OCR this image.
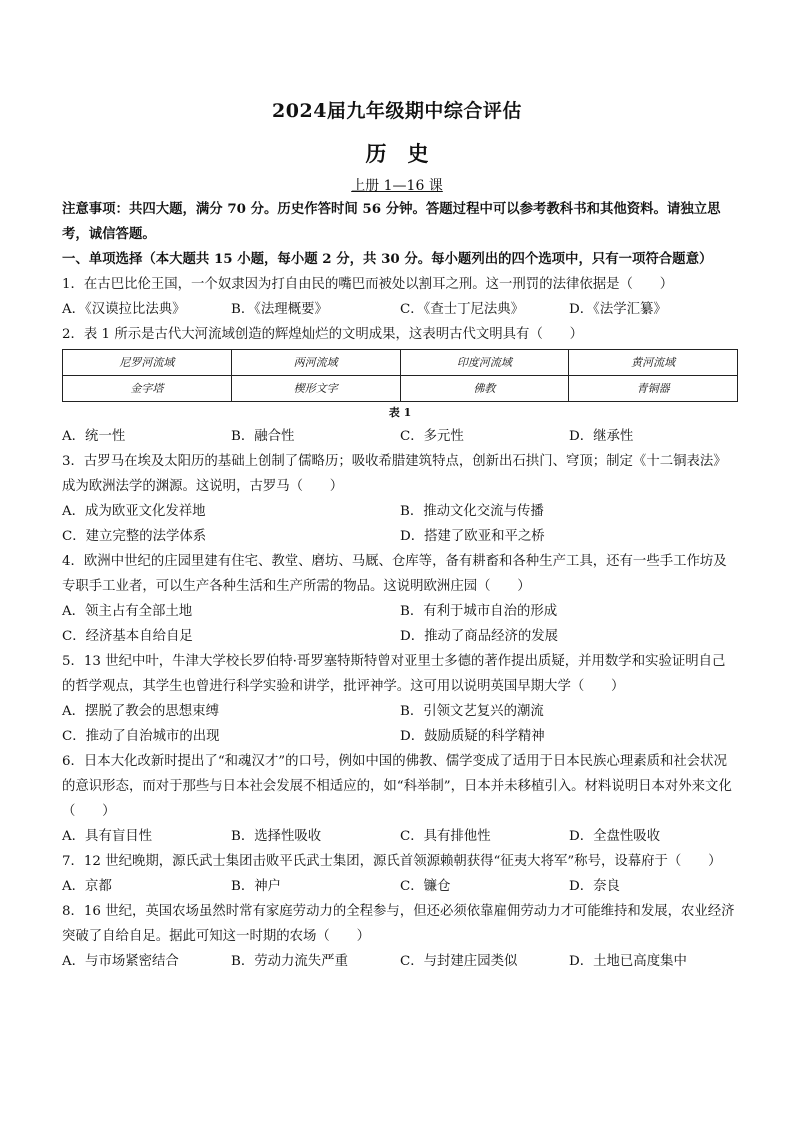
2024届九年级期中综合评估
历　史
上册 1—16 课

注意事项：共四大题，满分 70 分。历史作答时间 56 分钟。答题过程中可以参考教科书和其他资料。请独立思考，诚信答题。

一、单项选择（本大题共 15 小题，每小题 2 分，共 30 分。每小题列出的四个选项中，只有一项符合题意）

1．在古巴比伦王国，一个奴隶因为打自由民的嘴巴而被处以割耳之刑。这一刑罚的法律依据是（　　）

A．《汉谟拉比法典》	B．《法理概要》	C．《查士丁尼法典》	D．《法学汇纂》

2．表 1 所示是古代大河流域创造的辉煌灿烂的文明成果，这表明古代文明具有（　　）

尼罗河流域	两河流域	印度河流域	黄河流域
金字塔	楔形文字	佛教	青铜器
表 1
A．统一性	B．融合性	C．多元性	D．继承性

3．古罗马在埃及太阳历的基础上创制了儒略历；吸收希腊建筑特点，创新出石拱门、穹顶；制定《十二铜表法》成为欧洲法学的渊源。这说明，古罗马（　　）

A．成为欧亚文化发祥地	B．推动文化交流与传播
C．建立完整的法学体系	D．搭建了欧亚和平之桥

4．欧洲中世纪的庄园里建有住宅、教堂、磨坊、马厩、仓库等，备有耕畜和各种生产工具，还有一些手工作坊及专职手工业者，可以生产各种生活和生产所需的物品。这说明欧洲庄园（　　）

A．领主占有全部土地	B．有利于城市自治的形成
C．经济基本自给自足	D．推动了商品经济的发展

5．13 世纪中叶，牛津大学校长罗伯特·哥罗塞特斯特曾对亚里士多德的著作提出质疑，并用数学和实验证明自己的哲学观点，其学生也曾进行科学实验和讲学，批评神学。这可用以说明英国早期大学（　　）

A．摆脱了教会的思想束缚	B．引领文艺复兴的潮流
C．推动了自治城市的出现	D．鼓励质疑的科学精神

6．日本大化改新时提出了“和魂汉才”的口号，例如中国的佛教、儒学变成了适用于日本民族心理素质和社会状况的意识形态，而对于那些与日本社会发展不相适应的，如“科举制”，日本并未移植引入。材料说明日本对外来文化（　　）

A．具有盲目性	B．选择性吸收	C．具有排他性	D．全盘性吸收

7．12 世纪晚期，源氏武士集团击败平氏武士集团，源氏首领源赖朝获得“征夷大将军”称号，设幕府于（　　）

A．京都	B．神户	C．镰仓	D．奈良

8．16 世纪，英国农场虽然时常有家庭劳动力的全程参与，但还必须依靠雇佣劳动力才可能维持和发展，农业经济突破了自给自足。据此可知这一时期的农场（　　）

A．与市场紧密结合	B．劳动力流失严重	C．与封建庄园类似	D．土地已高度集中
